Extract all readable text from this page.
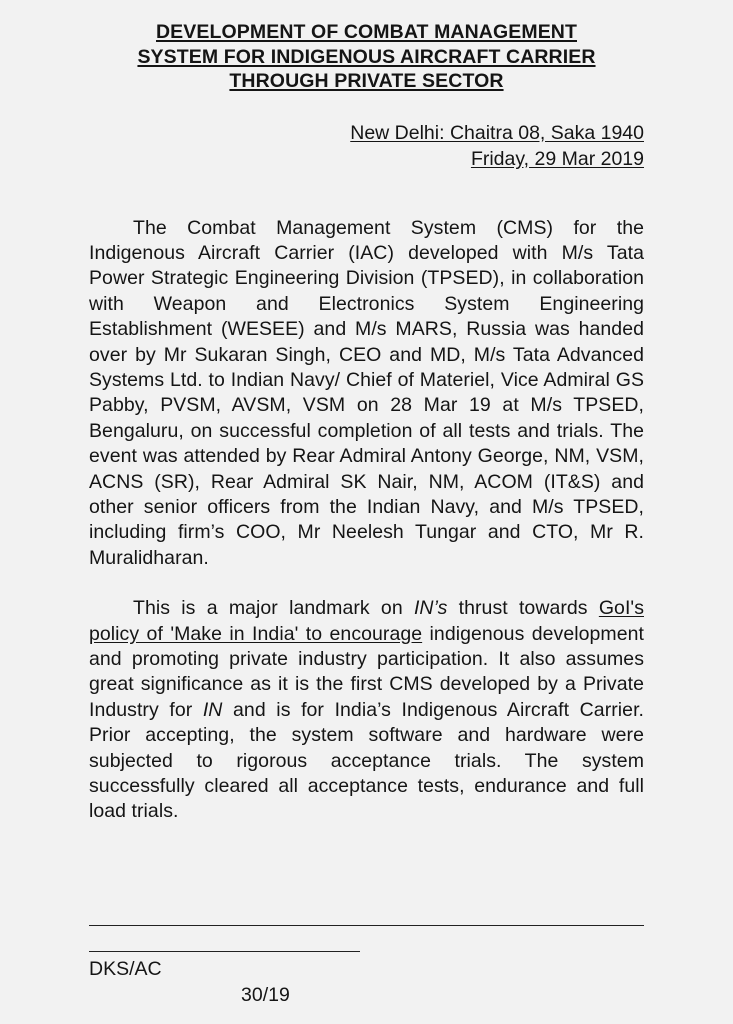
DEVELOPMENT OF COMBAT MANAGEMENT
SYSTEM FOR INDIGENOUS AIRCRAFT CARRIER
THROUGH PRIVATE SECTOR
New Delhi: Chaitra 08, Saka 1940
Friday, 29 Mar 2019

The Combat Management System (CMS) for the Indigenous Aircraft Carrier (IAC) developed with M/s Tata Power Strategic Engineering Division (TPSED), in collaboration with Weapon and Electronics System Engineering Establishment (WESEE) and M/s MARS, Russia was handed over by Mr Sukaran Singh, CEO and MD, M/s Tata Advanced Systems Ltd. to Indian Navy/ Chief of Materiel, Vice Admiral GS Pabby, PVSM, AVSM, VSM on 28 Mar 19 at M/s TPSED, Bengaluru, on successful completion of all tests and trials. The event was attended by Rear Admiral Antony George, NM, VSM, ACNS (SR), Rear Admiral SK Nair, NM, ACOM (IT&S) and other senior officers from the Indian Navy, and M/s TPSED, including firm’s COO, Mr Neelesh Tungar and CTO, Mr R. Muralidharan.

This is a major landmark on IN’s thrust towards GoI's policy of 'Make in India' to encourage indigenous development and promoting private industry participation. It also assumes great significance as it is the first CMS developed by a Private Industry for IN and is for India’s Indigenous Aircraft Carrier. Prior accepting, the system software and hardware were subjected to rigorous acceptance trials. The system successfully cleared all acceptance tests, endurance and full load trials.

DKS/AC
30/19
